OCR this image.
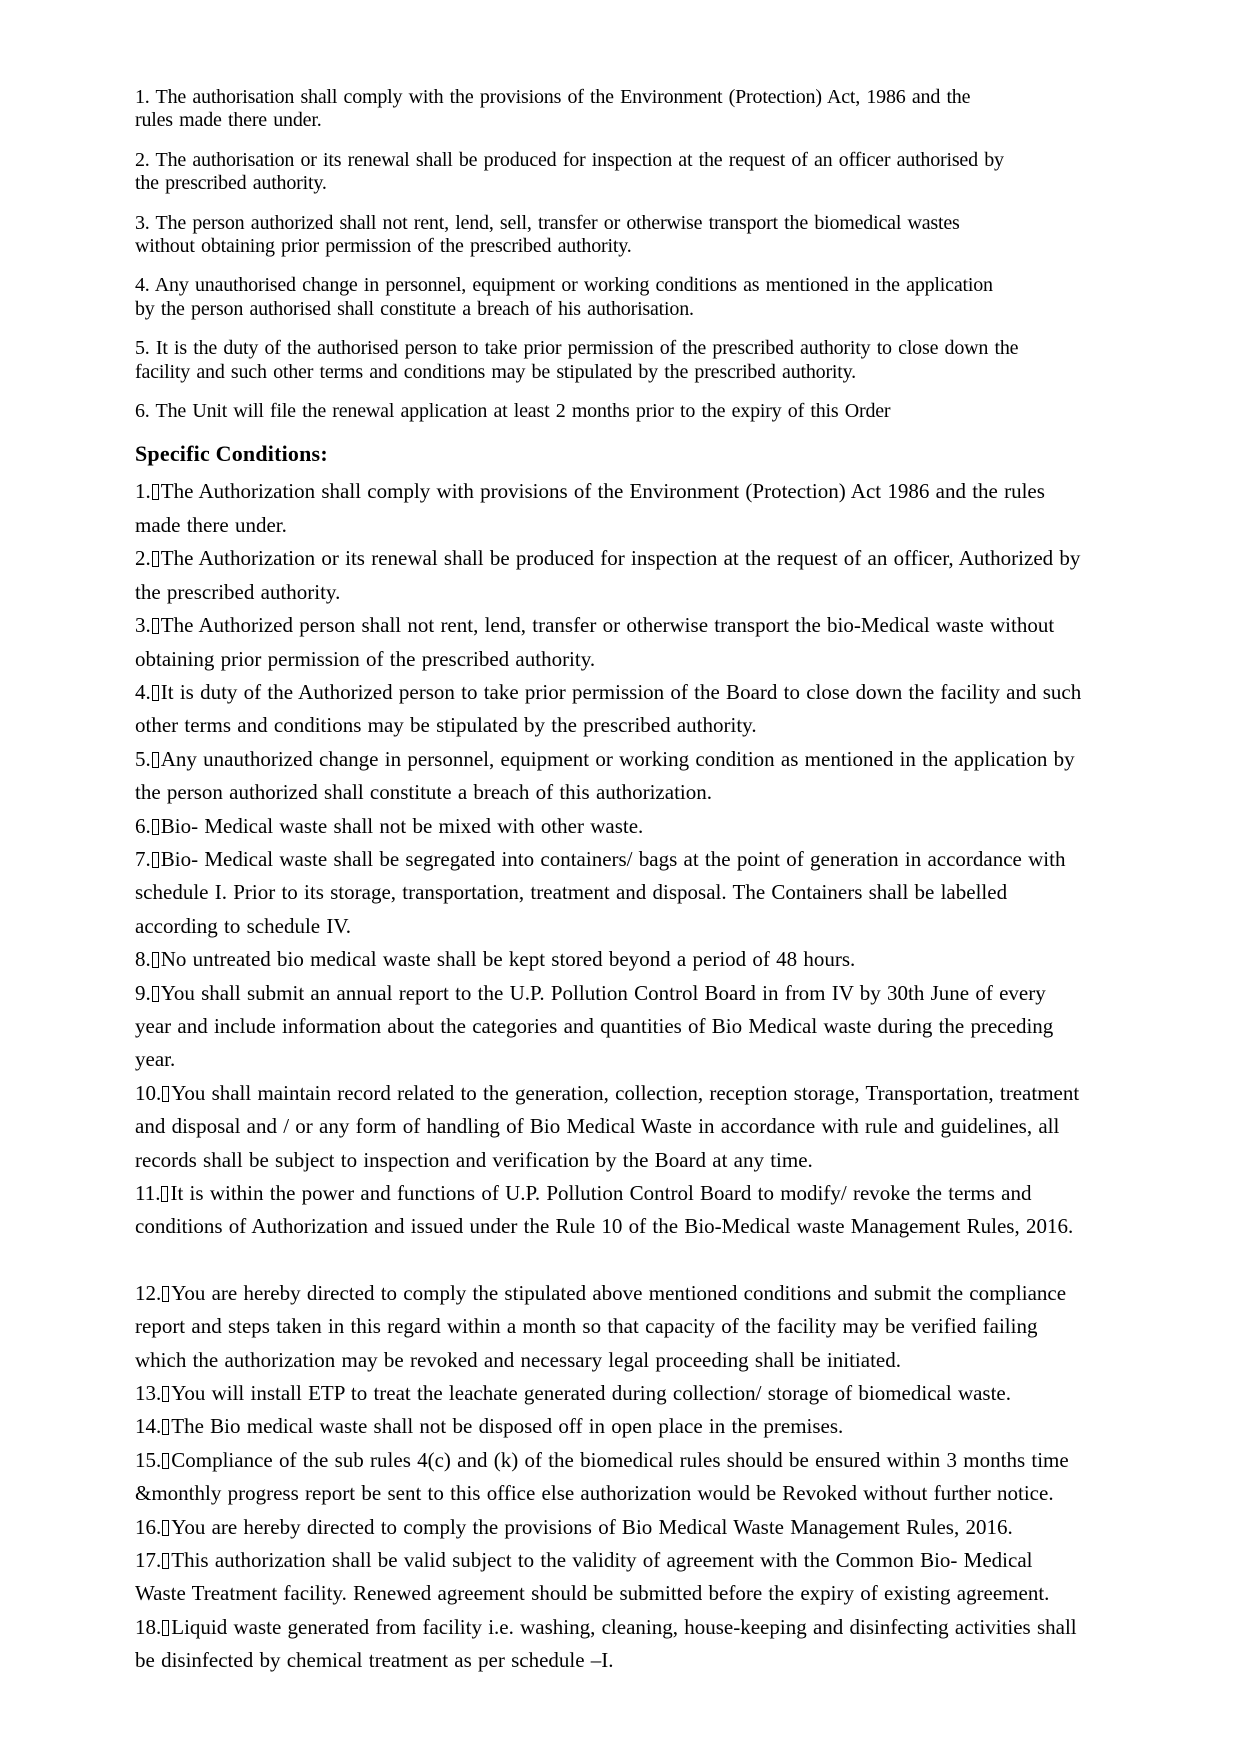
1. The authorisation shall comply with the provisions of the Environment (Protection) Act, 1986 and the
rules made there under.
2. The authorisation or its renewal shall be produced for inspection at the request of an officer authorised by
the prescribed authority.
3. The person authorized shall not rent, lend, sell, transfer or otherwise transport the biomedical wastes
without obtaining prior permission of the prescribed authority.
4. Any unauthorised change in personnel, equipment or working conditions as mentioned in the application
by the person authorised shall constitute a breach of his authorisation.
5. It is the duty of the authorised person to take prior permission of the prescribed authority to close down the
facility and such other terms and conditions may be stipulated by the prescribed authority.
6. The Unit will file the renewal application at least 2 months prior to the expiry of this Order
Specific Conditions:
1. The Authorization shall comply with provisions of the Environment (Protection) Act 1986 and the rules
made there under.
2. The Authorization or its renewal shall be produced for inspection at the request of an officer, Authorized by
the prescribed authority.
3. The Authorized person shall not rent, lend, transfer or otherwise transport the bio-Medical waste without
obtaining prior permission of the prescribed authority.
4. It is duty of the Authorized person to take prior permission of the Board to close down the facility and such
other terms and conditions may be stipulated by the prescribed authority.
5. Any unauthorized change in personnel, equipment or working condition as mentioned in the application by
the person authorized shall constitute a breach of this authorization.
6. Bio- Medical waste shall not be mixed with other waste.
7. Bio- Medical waste shall be segregated into containers/ bags at the point of generation in accordance with
schedule I. Prior to its storage, transportation, treatment and disposal. The Containers shall be labelled
according to schedule IV.
8. No untreated bio medical waste shall be kept stored beyond a period of 48 hours.
9. You shall submit an annual report to the U.P. Pollution Control Board in from IV by 30th June of every
year and include information about the categories and quantities of Bio Medical waste during the preceding
year.
10. You shall maintain record related to the generation, collection, reception storage, Transportation, treatment
and disposal and / or any form of handling of Bio Medical Waste in accordance with rule and guidelines, all
records shall be subject to inspection and verification by the Board at any time.
11. It is within the power and functions of U.P. Pollution Control Board to modify/ revoke the terms and
conditions of Authorization and issued under the Rule 10 of the Bio-Medical waste Management Rules, 2016.
12. You are hereby directed to comply the stipulated above mentioned conditions and submit the compliance
report and steps taken in this regard within a month so that capacity of the facility may be verified failing
which the authorization may be revoked and necessary legal proceeding shall be initiated.
13. You will install ETP to treat the leachate generated during collection/ storage of biomedical waste.
14. The Bio medical waste shall not be disposed off in open place in the premises.
15. Compliance of the sub rules 4(c) and (k) of the biomedical rules should be ensured within 3 months time
&monthly progress report be sent to this office else authorization would be Revoked without further notice.
16. You are hereby directed to comply the provisions of Bio Medical Waste Management Rules, 2016.
17. This authorization shall be valid subject to the validity of agreement with the Common Bio- Medical
Waste Treatment facility. Renewed agreement should be submitted before the expiry of existing agreement.
18. Liquid waste generated from facility i.e. washing, cleaning, house-keeping and disinfecting activities shall
be disinfected by chemical treatment as per schedule –I.
